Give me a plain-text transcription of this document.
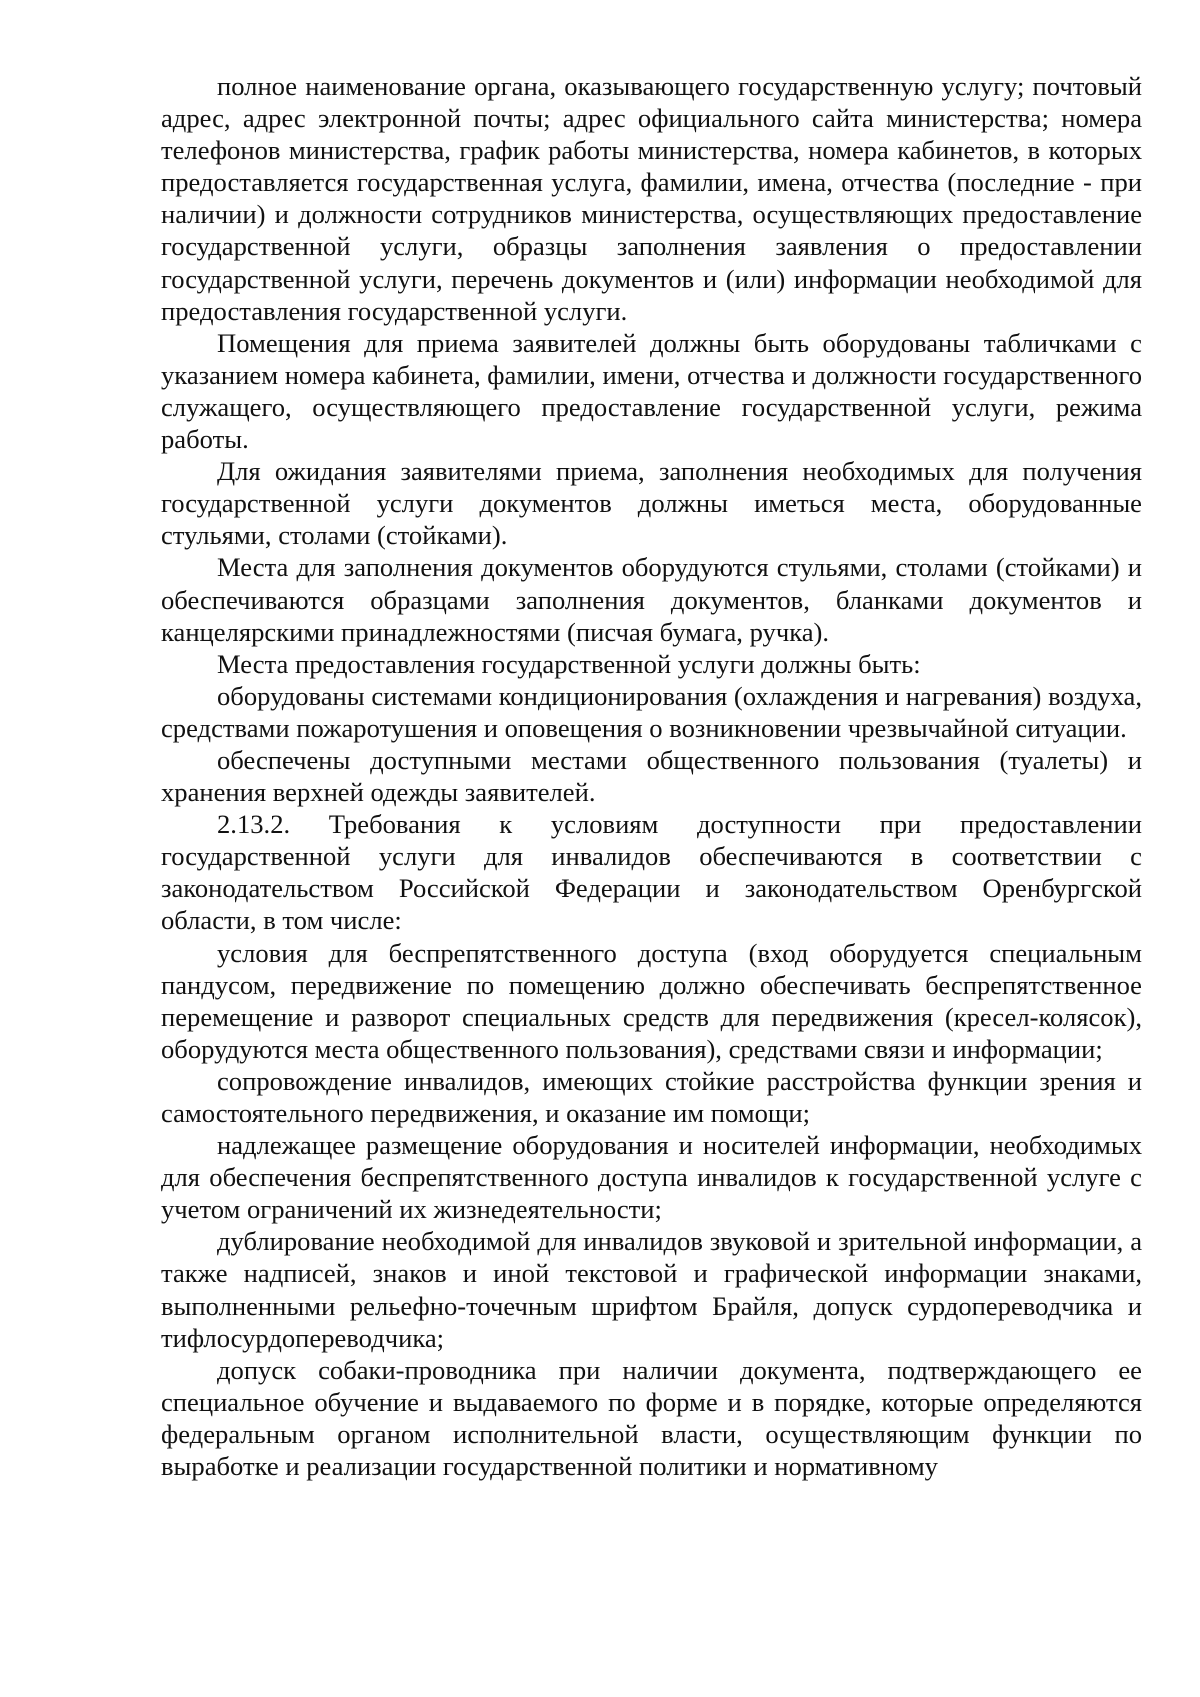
полное наименование органа, оказывающего государственную услугу; почтовый адрес, адрес электронной почты; адрес официального сайта министерства; номера телефонов министерства, график работы министерства, номера кабинетов, в которых предоставляется государственная услуга, фамилии, имена, отчества (последние - при наличии) и должности сотрудников министерства, осуществляющих предоставление государственной услуги, образцы заполнения заявления о предоставлении государственной услуги, перечень документов и (или) информации необходимой для предоставления государственной услуги.

Помещения для приема заявителей должны быть оборудованы табличками с указанием номера кабинета, фамилии, имени, отчества и должности государственного служащего, осуществляющего предоставление государственной услуги, режима работы.

Для ожидания заявителями приема, заполнения необходимых для получения государственной услуги документов должны иметься места, оборудованные стульями, столами (стойками).

Места для заполнения документов оборудуются стульями, столами (стойками) и обеспечиваются образцами заполнения документов, бланками документов и канцелярскими принадлежностями (писчая бумага, ручка).

Места предоставления государственной услуги должны быть:

оборудованы системами кондиционирования (охлаждения и нагревания) воздуха, средствами пожаротушения и оповещения о возникновении чрезвычайной ситуации.

обеспечены доступными местами общественного пользования (туалеты) и хранения верхней одежды заявителей.

2.13.2. Требования к условиям доступности при предоставлении государственной услуги для инвалидов обеспечиваются в соответствии с законодательством Российской Федерации и законодательством Оренбургской области, в том числе:

условия для беспрепятственного доступа (вход оборудуется специальным пандусом, передвижение по помещению должно обеспечивать беспрепятственное перемещение и разворот специальных средств для передвижения (кресел-колясок), оборудуются места общественного пользования), средствами связи и информации;

сопровождение инвалидов, имеющих стойкие расстройства функции зрения и самостоятельного передвижения, и оказание им помощи;

надлежащее размещение оборудования и носителей информации, необходимых для обеспечения беспрепятственного доступа инвалидов к государственной услуге с учетом ограничений их жизнедеятельности;

дублирование необходимой для инвалидов звуковой и зрительной информации, а также надписей, знаков и иной текстовой и графической информации знаками, выполненными рельефно-точечным шрифтом Брайля, допуск сурдопереводчика и тифлосурдопереводчика;

допуск собаки-проводника при наличии документа, подтверждающего ее специальное обучение и выдаваемого по форме и в порядке, которые определяются федеральным органом исполнительной власти, осуществляющим функции по выработке и реализации государственной политики и нормативному
